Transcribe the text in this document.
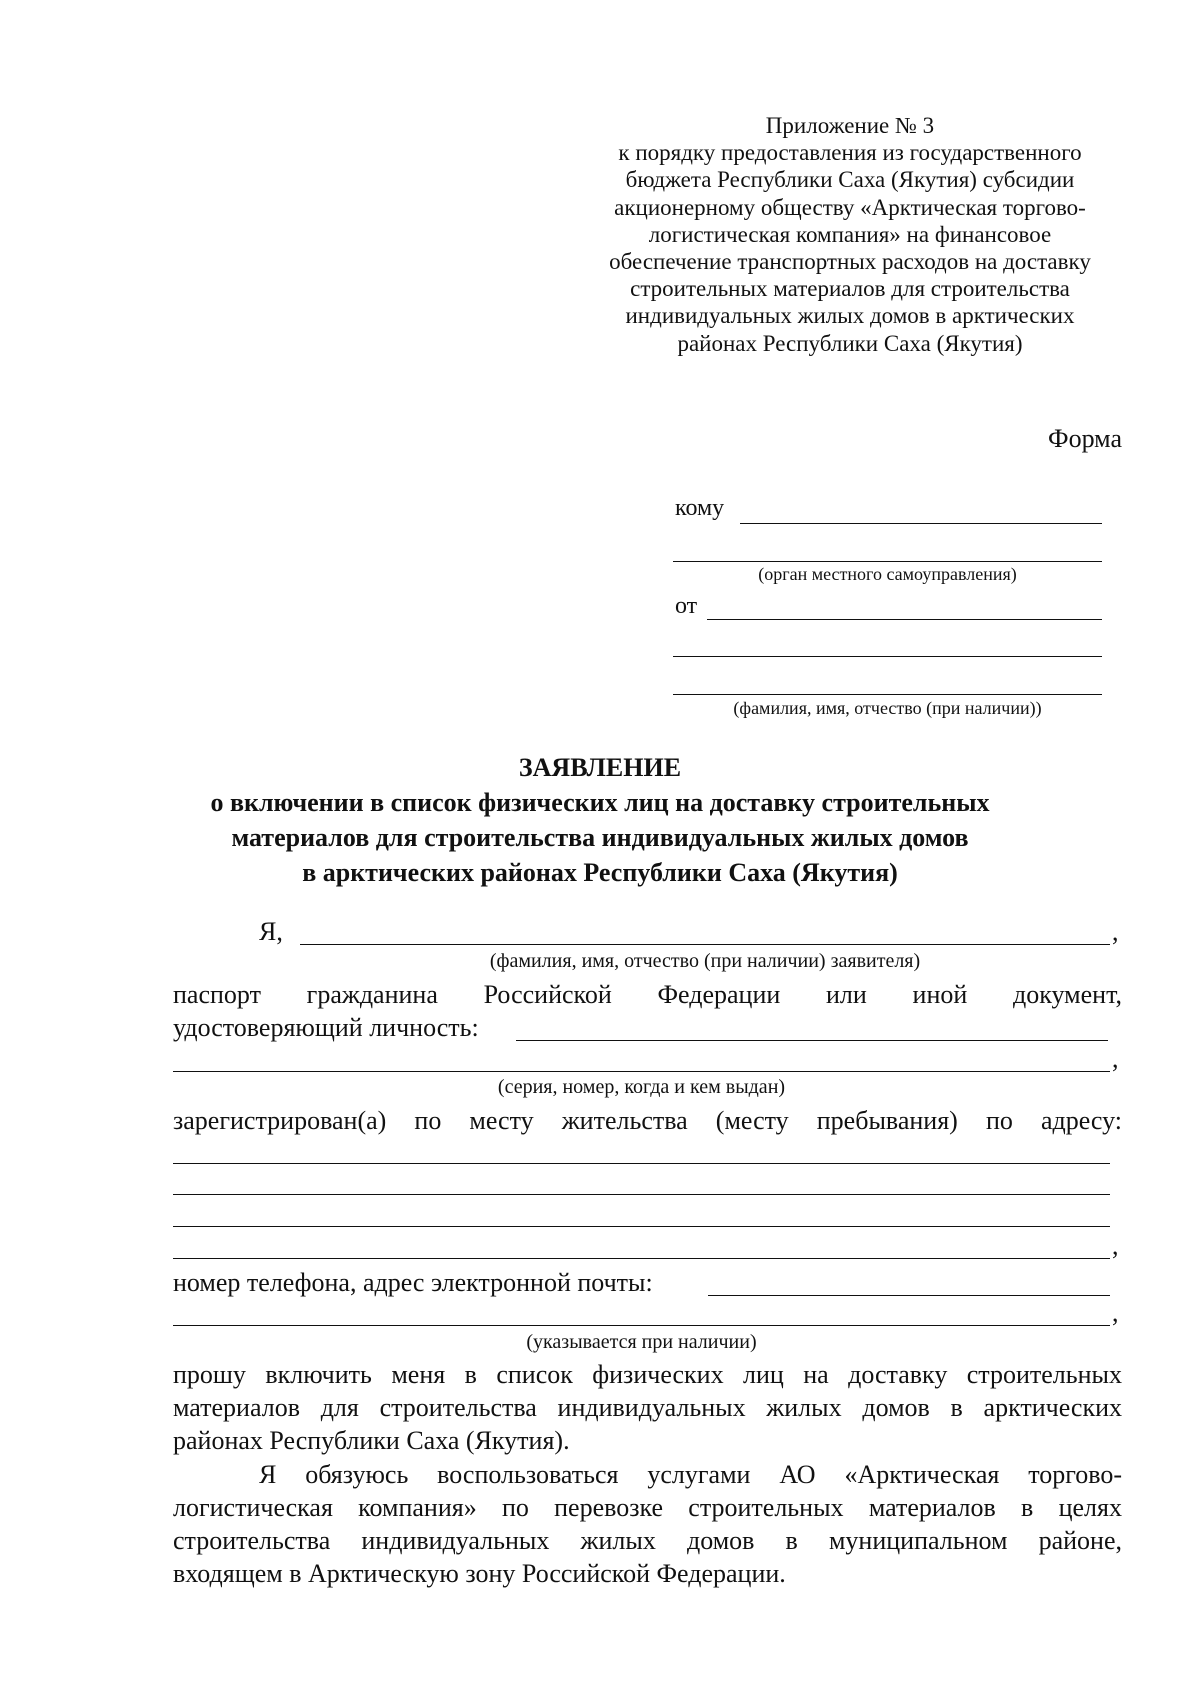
Приложение № 3
к порядку предоставления из государственного
бюджета Республики Саха (Якутия) субсидии
акционерному обществу «Арктическая торгово-
логистическая компания» на финансовое
обеспечение транспортных расходов на доставку
строительных материалов для строительства
индивидуальных жилых домов в арктических
районах Республики Саха (Якутия)
Форма
кому
(орган местного самоуправления)
от
(фамилия, имя, отчество (при наличии))
ЗАЯВЛЕНИЕ
о включении в список физических лиц на доставку строительных
материалов для строительства индивидуальных жилых домов
в арктических районах Республики Саха (Якутия)
Я,	,
(фамилия, имя, отчество (при наличии) заявителя)
паспорт гражданина Российской Федерации или иной документ,
удостоверяющий личность:
,
(серия, номер, когда и кем выдан)
зарегистрирован(а) по месту жительства (месту пребывания) по адресу:
,
номер телефона, адрес электронной почты:
,
(указывается при наличии)
прошу включить меня в список физических лиц на доставку строительных
материалов для строительства индивидуальных жилых домов в арктических
районах Республики Саха (Якутия).
Я обязуюсь воспользоваться услугами АО «Арктическая торгово-
логистическая компания» по перевозке строительных материалов в целях
строительства индивидуальных жилых домов в муниципальном районе,
входящем в Арктическую зону Российской Федерации.
